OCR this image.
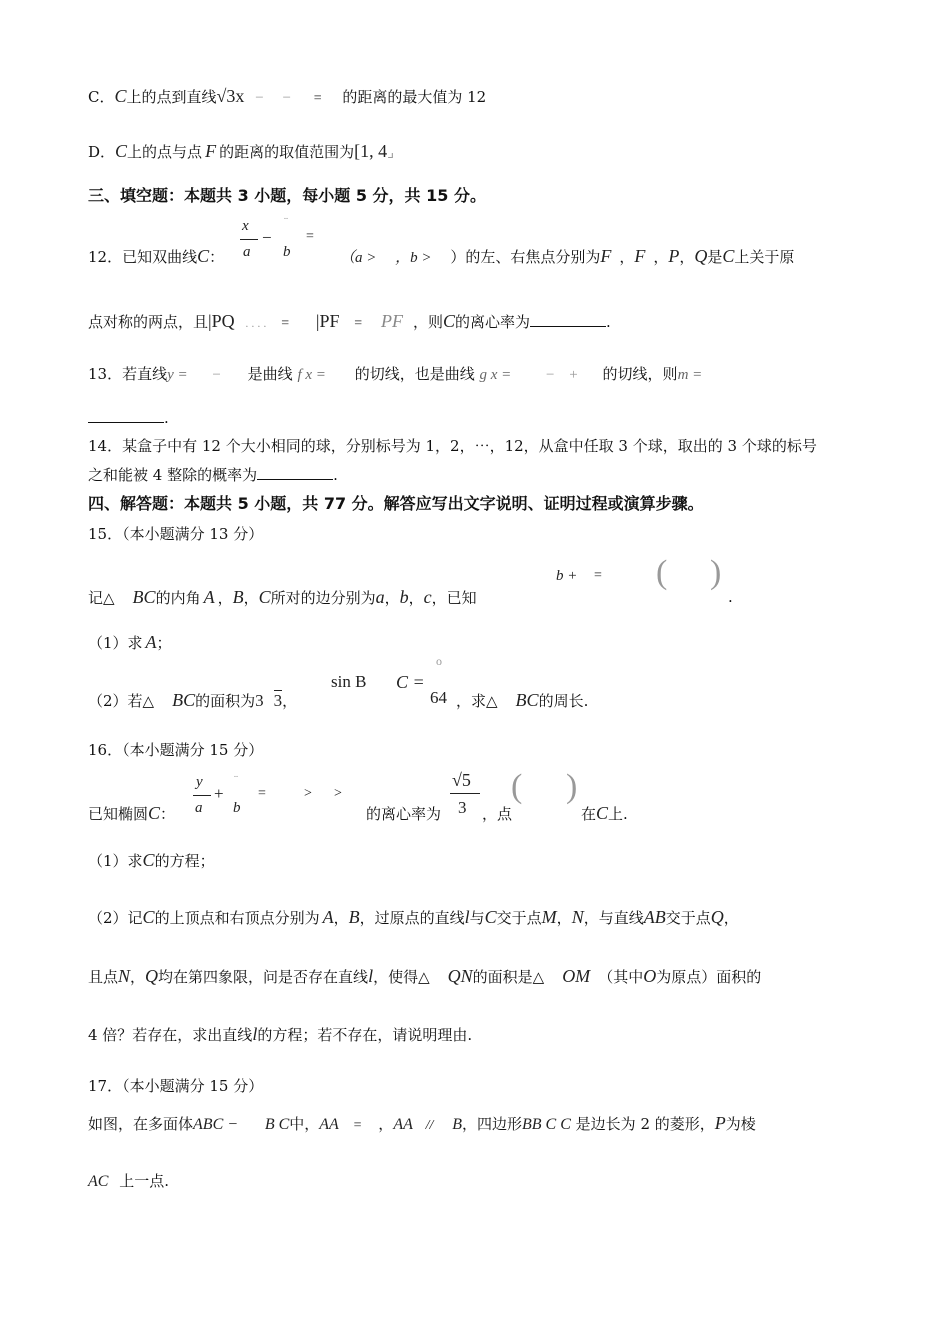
C．C上的点到直线√3x − − = 的距离的最大值为 12
D．C上的点与点 F 的距离的取值范围为[1, 4⌟
三、填空题：本题共 3 小题，每小题 5 分，共 15 分。
12．已知双曲线C：
x
a
−
¨
b
=
（a > ，b > ）的左、右焦点分别为F ，F ，P，Q是C上关于原
点对称的两点，且|PQ . . . . = |PF = PF ，则C的离心率为	.
13．若直线y = − 是曲线 f x = 的切线，也是曲线 g x = − + 的切线，则m =
.
14．某盒子中有 12 个大小相同的球，分别标号为 1，2，⋯，12，从盒中任取 3 个球，取出的 3 个球的标号
之和能被 4 整除的概率为	.
四、解答题：本题共 5 小题，共 77 分。解答应写出文字说明、证明过程或演算步骤。
15．（本小题满分 13 分）
记△ BC的内角 A ，B，C所对的边分别为a，b，c，已知
b + = ( )
.
（1）求 A；
（2）若△ BC的面积为3 3，
sin B C =
o
64 ，求△ BC的周长.
16．（本小题满分 15 分）
已知椭圆C：
y
a
+
¨
b
=	> >
的离心率为
√5
3 ，点
( )
在C上.
（1）求C的方程；
（2）记C的上顶点和右顶点分别为 A，B，过原点的直线l与C交于点M，N，与直线AB交于点Q，
且点N，Q均在第四象限，问是否存在直线l，使得△ QN的面积是△ OM （其中O为原点）面积的
4 倍？若存在，求出直线l的方程；若不存在，请说明理由.
17．（本小题满分 15 分）
如图，在多面体ABC − B C中，AA = ，AA // B，四边形BB C C 是边长为 2 的菱形，P为棱
AC 上一点.
